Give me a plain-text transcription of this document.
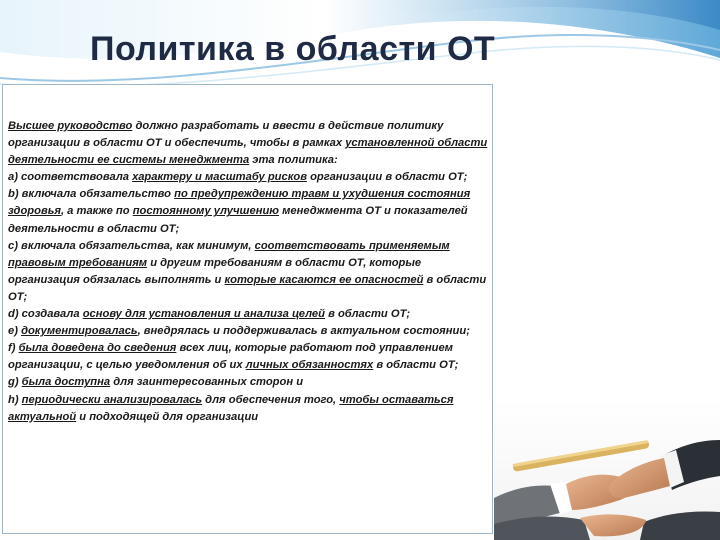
Политика в области ОТ

Высшее руководство должно разработать и ввести в действие политику организации в области ОТ и обеспечить, чтобы в рамках установленной области деятельности ее системы менеджмента эта политика:

a) соответствовала характеру и масштабу рисков организации в области ОТ;

b) включала обязательство по предупреждению травм и ухудшения состояния здоровья, а также по постоянному улучшению менеджмента ОТ и показателей деятельности в области ОТ;

c) включала обязательства, как минимум, соответствовать применяемым правовым требованиям и другим требованиям в области ОТ, которые организация обязалась выполнять и которые касаются ее опасностей в области ОТ;

d) создавала основу для установления и анализа целей в области ОТ;

e) документировалась, внедрялась и поддерживалась в актуальном состоянии;

f) была доведена до сведения всех лиц, которые работают под управлением организации, с целью уведомления об их личных обязанностях в области ОТ;

g) была доступна для заинтересованных сторон и

h) периодически анализировалась для обеспечения того, чтобы оставаться актуальной и подходящей для организации
